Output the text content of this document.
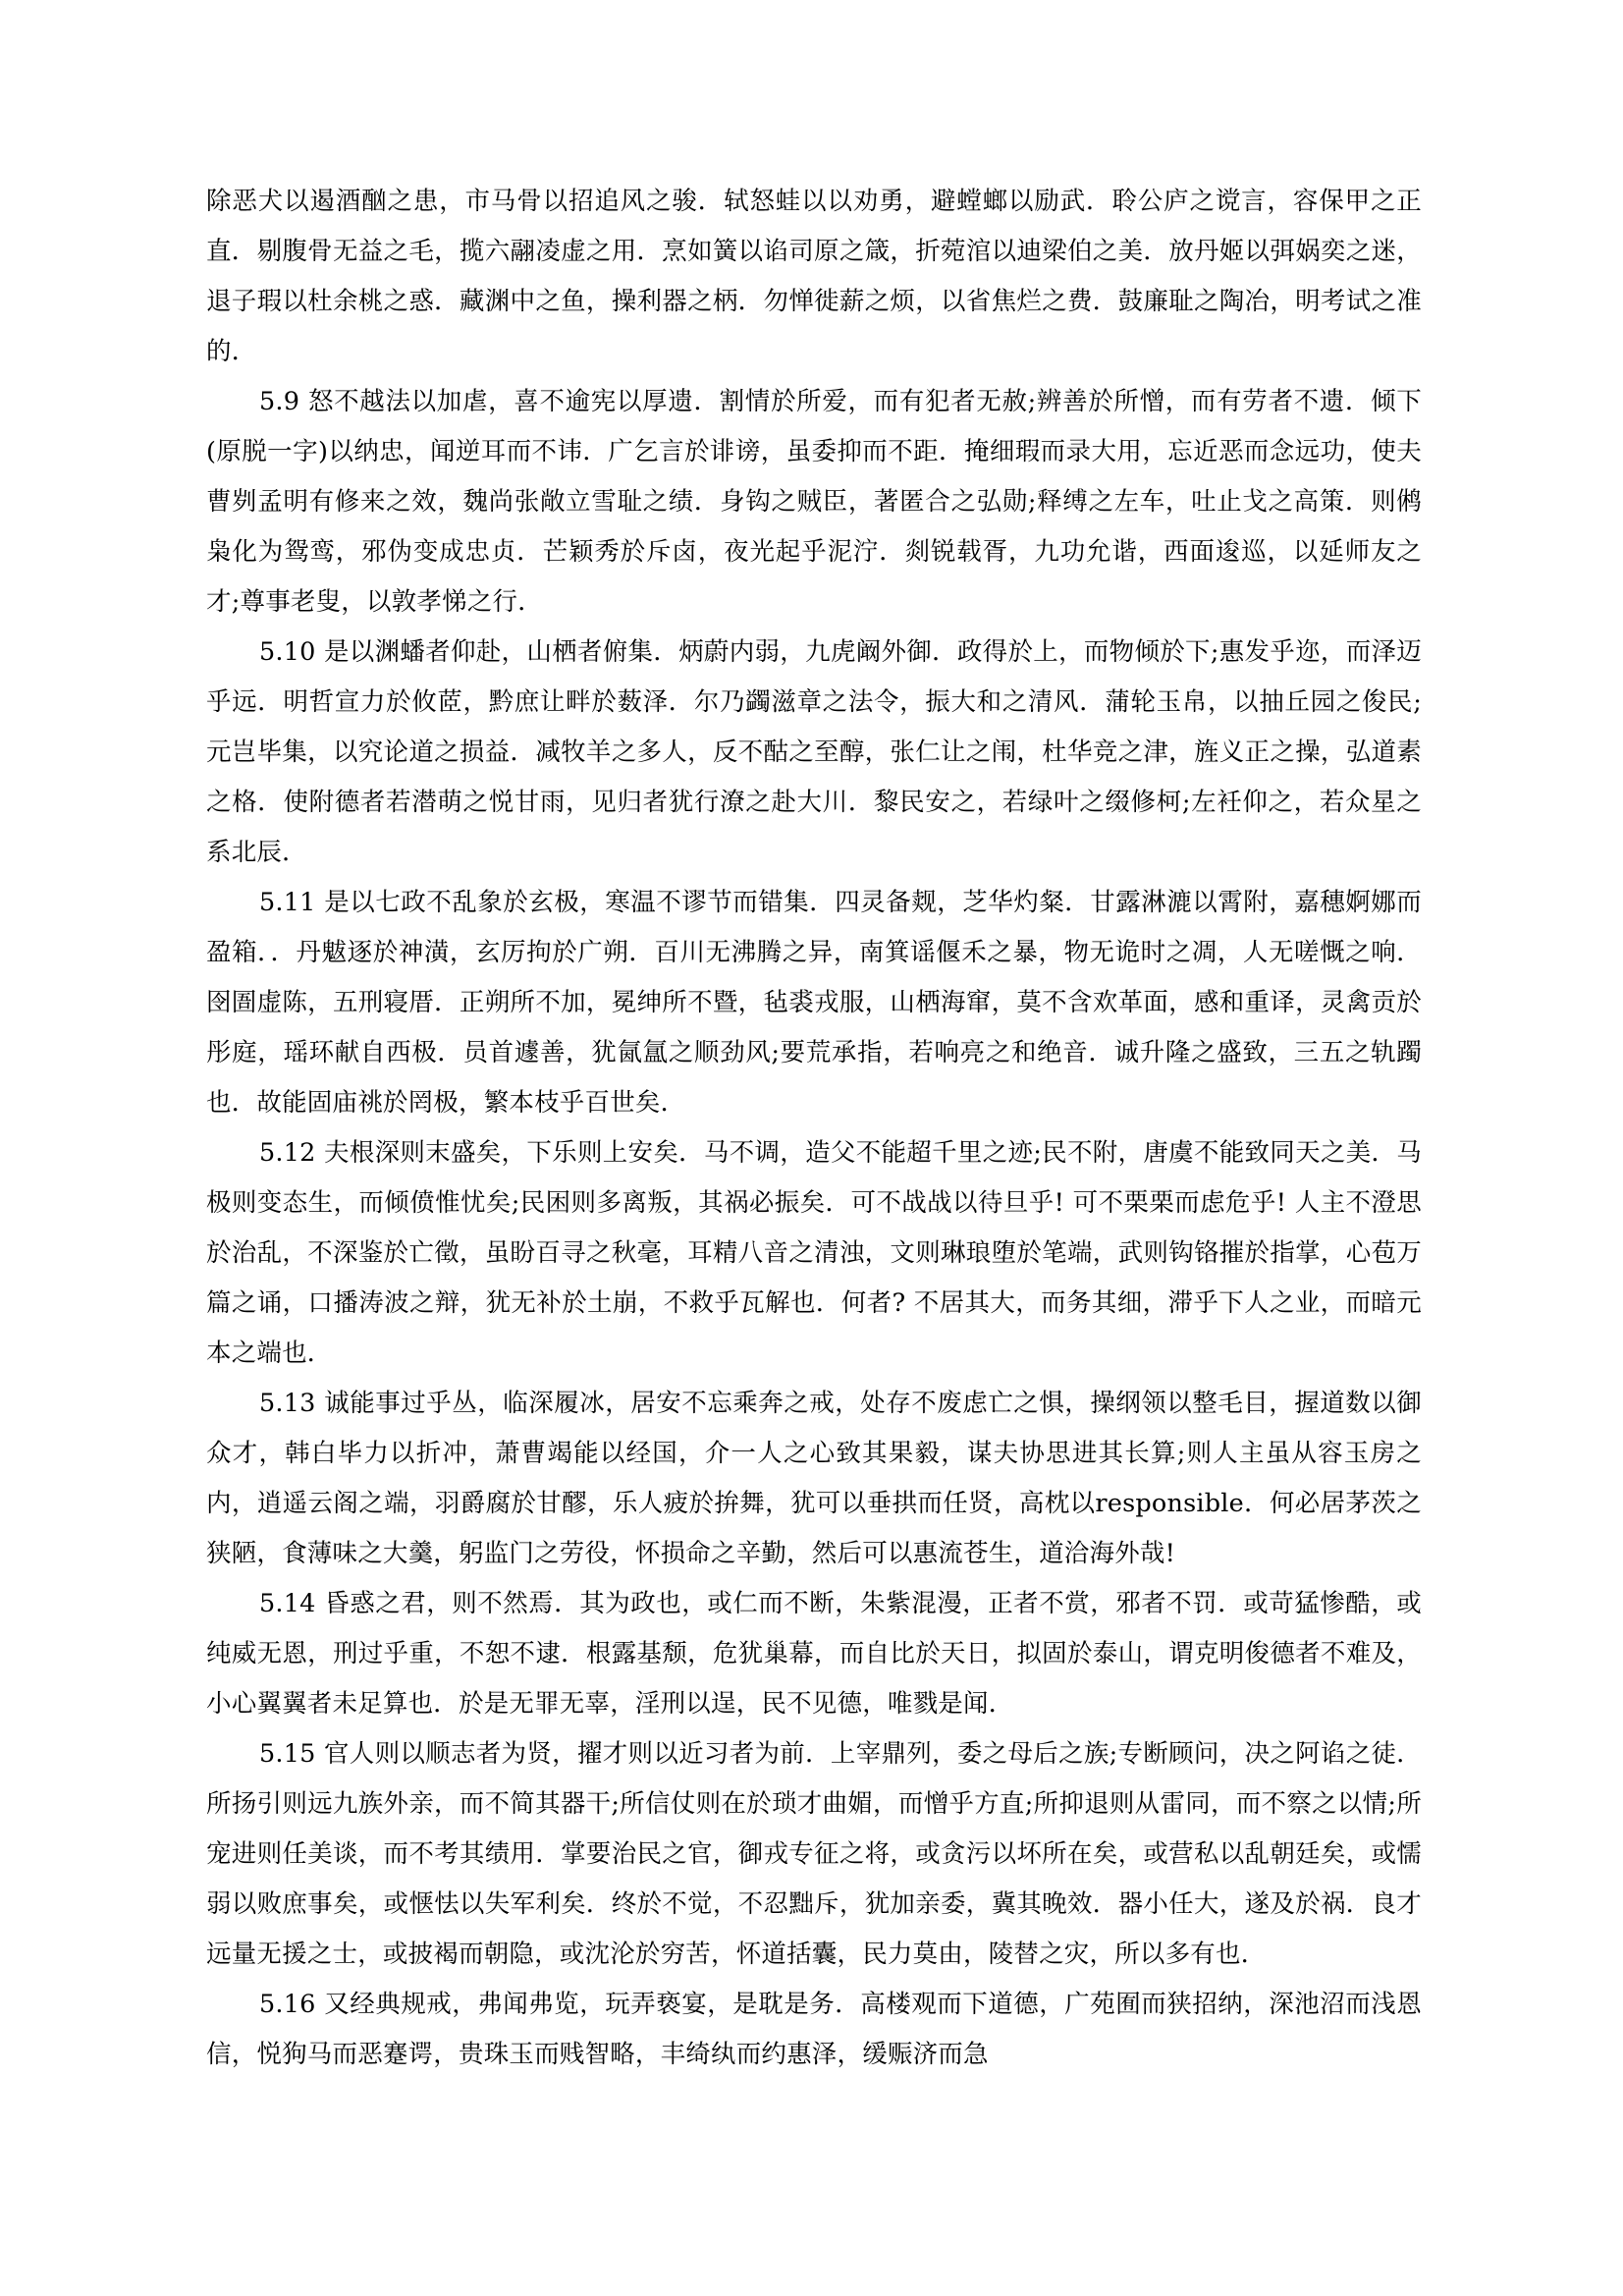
除恶犬以遏酒酗之患，市马骨以招追风之骏．轼怒蛙以以劝勇，避螳螂以励武．聆公庐之谠言，容保甲之正直．剔腹骨无益之毛，揽六翮凌虚之用．烹如簧以谄司原之箴，折菀涫以迪梁伯之美．放丹姬以弭娲奕之迷，退子瑕以杜余桃之惑．藏渊中之鱼，操利器之柄．勿惮徙薪之烦，以省焦烂之费．鼓廉耻之陶冶，明考试之准的．

5.9 怒不越法以加虐，喜不逾宪以厚遗．割情於所爱，而有犯者无赦;辨善於所憎，而有劳者不遗．倾下(原脱一字)以纳忠，闻逆耳而不讳．广乞言於诽谤，虽委抑而不距．掩细瑕而录大用，忘近恶而念远功，使夫曹刿孟明有修来之效，魏尚张敞立雪耻之绩．身钩之贼臣，著匿合之弘勋;释缚之左车，吐止戈之高策．则鸺枭化为鸳鸾，邪伪变成忠贞．芒颖秀於斥卤，夜光起乎泥泞．剡锐载胥，九功允谐，西面逡巡，以延师友之才;尊事老叟，以敦孝悌之行．

5.10 是以渊蟠者仰赴，山栖者俯集．炳蔚内弱，九虎阚外御．政得於上，而物倾於下;惠发乎迩，而泽迈乎远．明哲宣力於攸茝，黔庶让畔於薮泽．尔乃蠲滋章之法令，振大和之清风．蒲轮玉帛，以抽丘园之俊民;元岂毕集，以究论道之损益．减牧羊之多人，反不酤之至醇，张仁让之闱，杜华竞之津，旌义正之操，弘道素之格．使附德者若潜萌之悦甘雨，见归者犹行潦之赴大川．黎民安之，若绿叶之缀修柯;左衽仰之，若众星之系北辰．

5.11 是以七政不乱象於玄极，寒温不谬节而错集．四灵备觌，芝华灼粲．甘露淋漉以霄附，嘉穗婀娜而盈箱．．丹魃逐於神潢，玄厉拘於广朔．百川无沸腾之异，南箕谣偃禾之暴，物无诡时之凋，人无嗟慨之响．囹圄虚陈，五刑寝厝．正朔所不加，冕绅所不暨，毡裘戎服，山栖海窜，莫不含欢革面，感和重译，灵禽贡於彤庭，瑶环献自西极．员首遽善，犹氤氲之顺劲风;要荒承指，若响亮之和绝音．诚升隆之盛致，三五之轨躅也．故能固庙祧於罔极，繁本枝乎百世矣．

5.12 夫根深则末盛矣，下乐则上安矣．马不调，造父不能超千里之迹;民不附，唐虞不能致同天之美．马极则变态生，而倾偾惟忧矣;民困则多离叛，其祸必振矣．可不战战以待旦乎! 可不栗栗而虑危乎! 人主不澄思於治乱，不深鉴於亡徵，虽盼百寻之秋毫，耳精八音之清浊，文则琳琅堕於笔端，武则钩铬摧於指掌，心苞万篇之诵，口播涛波之辩，犹无补於土崩，不救乎瓦解也．何者? 不居其大，而务其细，滞乎下人之业，而暗元本之端也．

5.13 诚能事过乎丛，临深履冰，居安不忘乘奔之戒，处存不废虑亡之惧，操纲领以整毛目，握道数以御众才，韩白毕力以折冲，萧曹竭能以经国，介一人之心致其果毅，谋夫协思进其长算;则人主虽从容玉房之内，逍遥云阁之端，羽爵腐於甘醪，乐人疲於拚舞，犹可以垂拱而任贤，高枕以responsible．何必居茅茨之狭陋，食薄味之大羹，躬监门之劳役，怀损命之辛勤，然后可以惠流苍生，道洽海外哉!

5.14 昏惑之君，则不然焉．其为政也，或仁而不断，朱紫混漫，正者不赏，邪者不罚．或苛猛惨酷，或纯威无恩，刑过乎重，不恕不逮．根露基颓，危犹巢幕，而自比於天日，拟固於泰山，谓克明俊德者不难及，小心翼翼者未足算也．於是无罪无辜，淫刑以逞，民不见德，唯戮是闻．

5.15 官人则以顺志者为贤，擢才则以近习者为前．上宰鼎列，委之母后之族;专断顾问，决之阿谄之徒．所扬引则远九族外亲，而不简其器干;所信仗则在於琐才曲媚，而憎乎方直;所抑退则从雷同，而不察之以情;所宠进则任美谈，而不考其绩用．掌要治民之官，御戎专征之将，或贪污以坏所在矣，或营私以乱朝廷矣，或懦弱以败庶事矣，或惬怯以失军利矣．终於不觉，不忍黜斥，犹加亲委，冀其晚效．器小任大，遂及於祸．良才远量无援之士，或披褐而朝隐，或沈沦於穷苦，怀道括囊，民力莫由，陵替之灾，所以多有也．

5.16 又经典规戒，弗闻弗览，玩弄亵宴，是耽是务．高楼观而下道德，广苑囿而狭招纳，深池沼而浅恩信，悦狗马而恶蹇谔，贵珠玉而贱智略，丰绮纨而约惠泽，缓赈济而急
